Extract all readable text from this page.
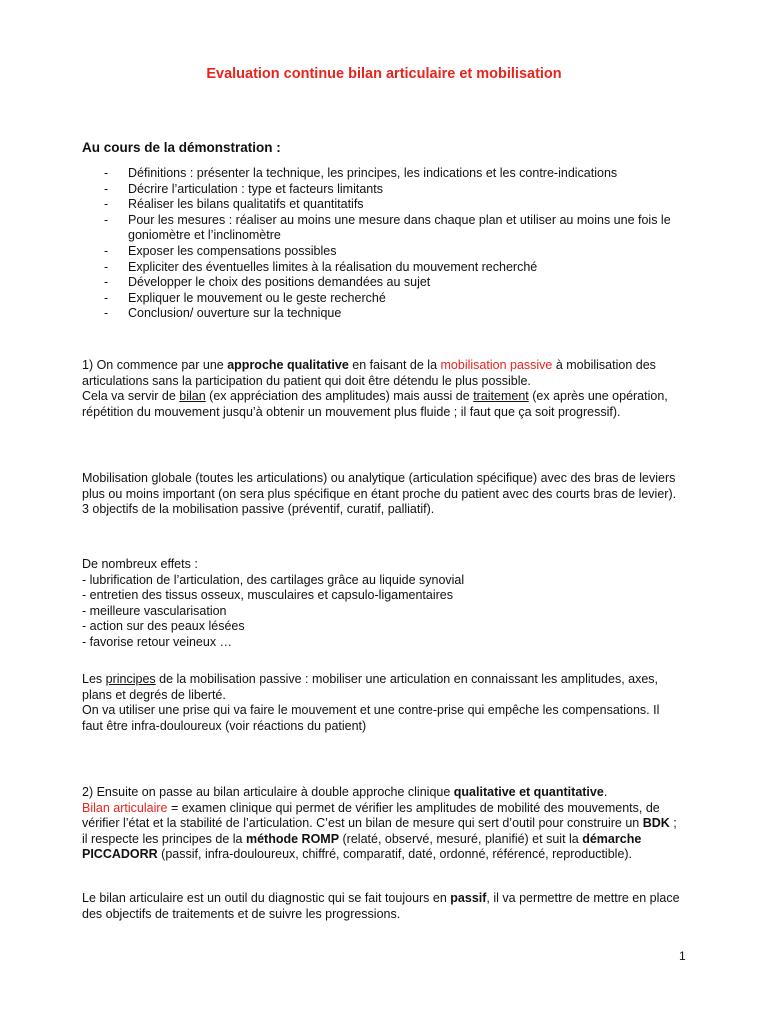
Evaluation continue bilan articulaire et mobilisation
Au cours de la démonstration :
- Définitions : présenter la technique, les principes, les indications et les contre-indications
- Décrire l’articulation : type et facteurs limitants
- Réaliser les bilans qualitatifs et quantitatifs
- Pour les mesures : réaliser au moins une mesure dans chaque plan et utiliser au moins une fois le goniomètre et l’inclinomètre
- Exposer les compensations possibles
- Expliciter des éventuelles limites à la réalisation du mouvement recherché
- Développer le choix des positions demandées au sujet
- Expliquer le mouvement ou le geste recherché
- Conclusion/ ouverture sur la technique

1) On commence par une approche qualitative en faisant de la mobilisation passive à mobilisation des articulations sans la participation du patient qui doit être détendu le plus possible.
Cela va servir de bilan (ex appréciation des amplitudes) mais aussi de traitement (ex après une opération, répétition du mouvement jusqu’à obtenir un mouvement plus fluide ; il faut que ça soit progressif).

Mobilisation globale (toutes les articulations) ou analytique (articulation spécifique) avec des bras de leviers plus ou moins important (on sera plus spécifique en étant proche du patient avec des courts bras de levier).
3 objectifs de la mobilisation passive (préventif, curatif, palliatif).

De nombreux effets :
- lubrification de l’articulation, des cartilages grâce au liquide synovial
- entretien des tissus osseux, musculaires et capsulo-ligamentaires
- meilleure vascularisation
- action sur des peaux lésées
- favorise retour veineux …

Les principes de la mobilisation passive : mobiliser une articulation en connaissant les amplitudes, axes, plans et degrés de liberté.
On va utiliser une prise qui va faire le mouvement et une contre-prise qui empêche les compensations. Il faut être infra-douloureux (voir réactions du patient)

2) Ensuite on passe au bilan articulaire à double approche clinique qualitative et quantitative.
Bilan articulaire = examen clinique qui permet de vérifier les amplitudes de mobilité des mouvements, de vérifier l’état et la stabilité de l’articulation. C’est un bilan de mesure qui sert d’outil pour construire un BDK ; il respecte les principes de la méthode ROMP (relaté, observé, mesuré, planifié) et suit la démarche PICCADORR (passif, infra-douloureux, chiffré, comparatif, daté, ordonné, référencé, reproductible).

Le bilan articulaire est un outil du diagnostic qui se fait toujours en passif, il va permettre de mettre en place des objectifs de traitements et de suivre les progressions.

1
